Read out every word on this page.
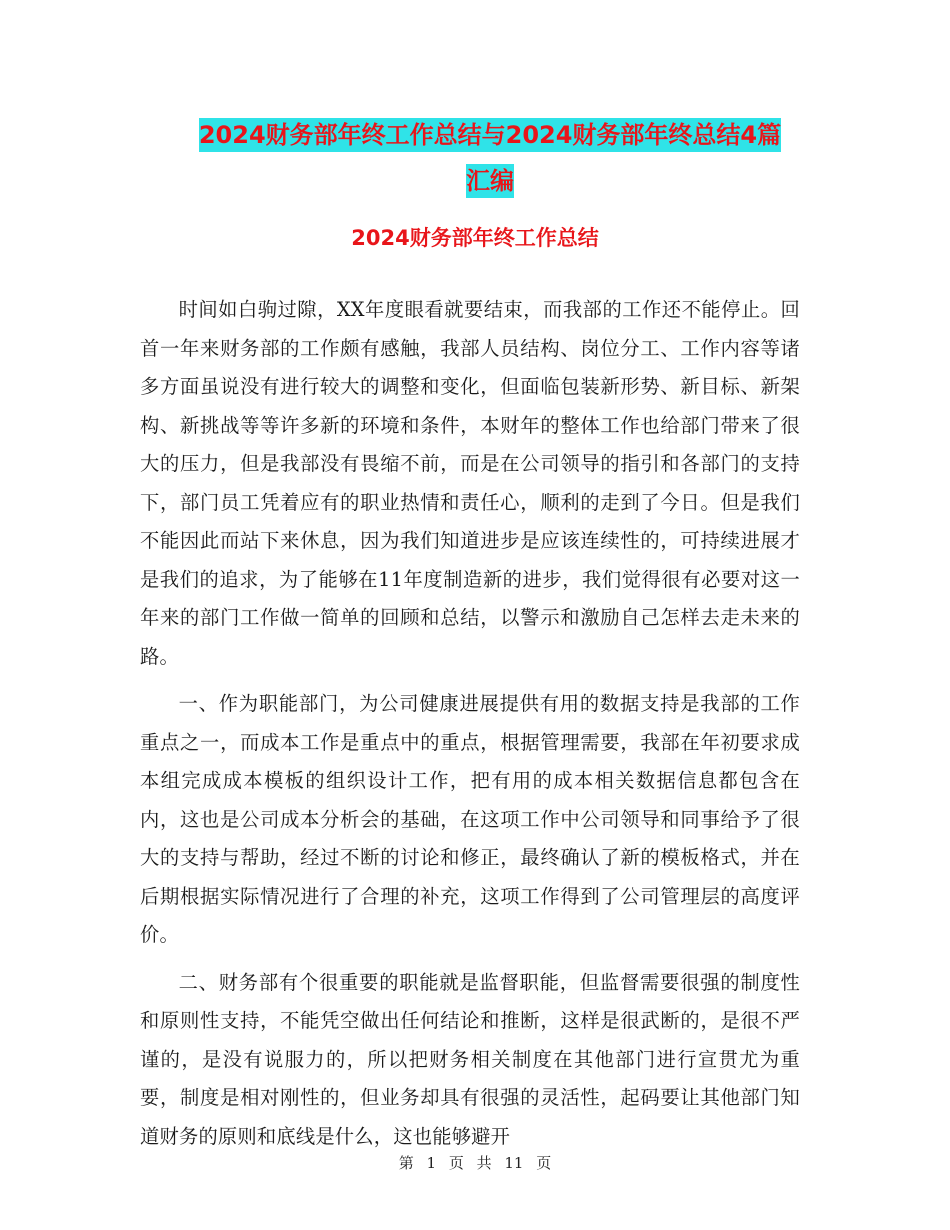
2024财务部年终工作总结与2024财务部年终总结4篇
汇编
2024财务部年终工作总结

时间如白驹过隙，XX年度眼看就要结束，而我部的工作还不能停止。回首一年来财务部的工作颇有感触，我部人员结构、岗位分工、工作内容等诸多方面虽说没有进行较大的调整和变化，但面临包装新形势、新目标、新架构、新挑战等等许多新的环境和条件，本财年的整体工作也给部门带来了很大的压力，但是我部没有畏缩不前，而是在公司领导的指引和各部门的支持下，部门员工凭着应有的职业热情和责任心，顺利的走到了今日。但是我们不能因此而站下来休息，因为我们知道进步是应该连续性的，可持续进展才是我们的追求，为了能够在11年度制造新的进步，我们觉得很有必要对这一年来的部门工作做一简单的回顾和总结，以警示和激励自己怎样去走未来的路。

一、作为职能部门，为公司健康进展提供有用的数据支持是我部的工作重点之一，而成本工作是重点中的重点，根据管理需要，我部在年初要求成本组完成成本模板的组织设计工作，把有用的成本相关数据信息都包含在内，这也是公司成本分析会的基础，在这项工作中公司领导和同事给予了很大的支持与帮助，经过不断的讨论和修正，最终确认了新的模板格式，并在后期根据实际情况进行了合理的补充，这项工作得到了公司管理层的高度评价。

二、财务部有个很重要的职能就是监督职能，但监督需要很强的制度性和原则性支持，不能凭空做出任何结论和推断，这样是很武断的，是很不严谨的，是没有说服力的，所以把财务相关制度在其他部门进行宣贯尤为重要，制度是相对刚性的，但业务却具有很强的灵活性，起码要让其他部门知道财务的原则和底线是什么，这也能够避开

第 1 页 共 11 页
